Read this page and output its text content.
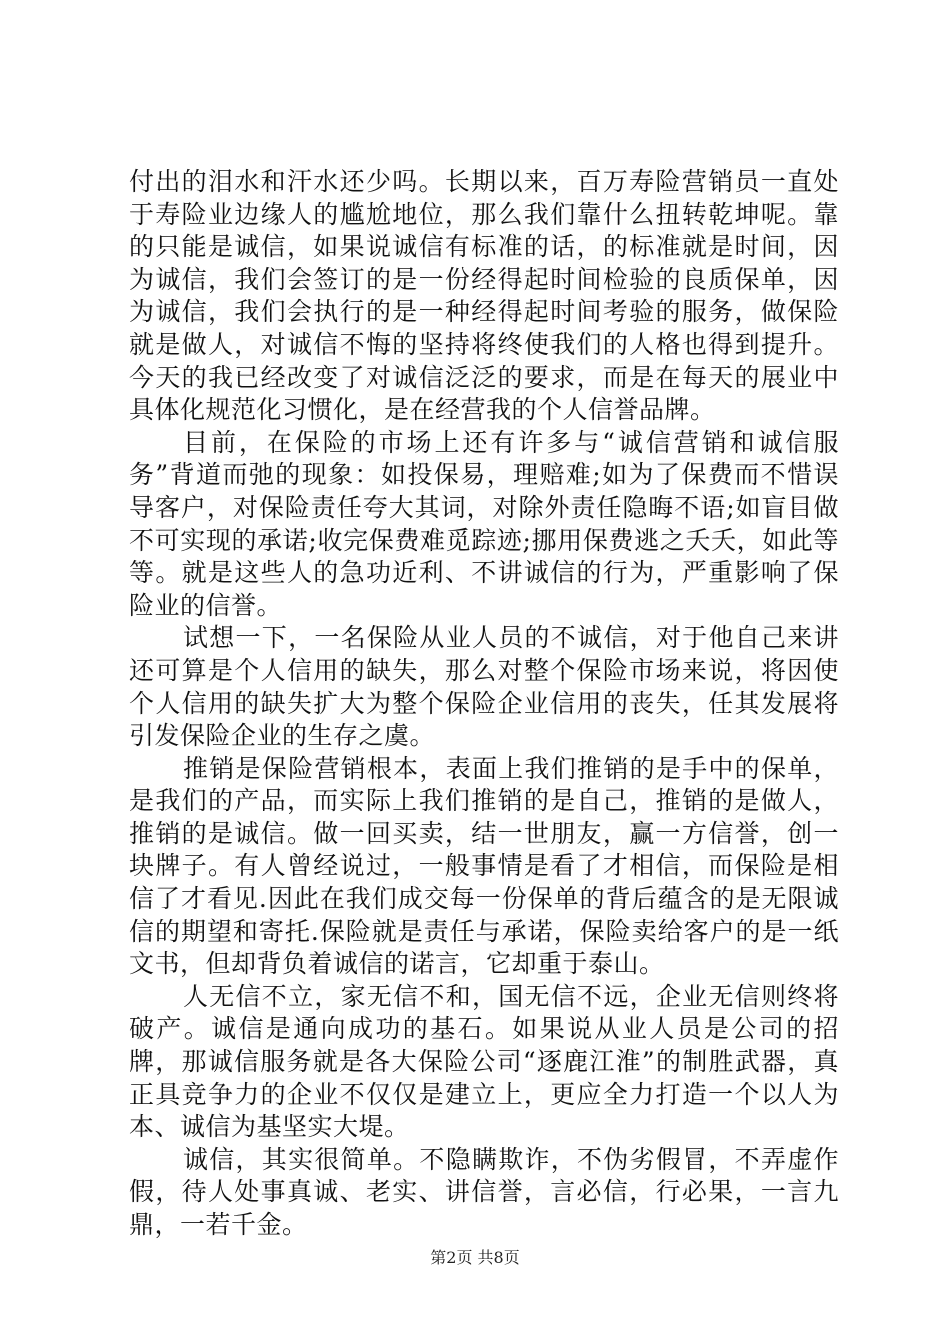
付出的泪水和汗水还少吗。长期以来，百万寿险营销员一直处于寿险业边缘人的尴尬地位，那么我们靠什么扭转乾坤呢。靠的只能是诚信，如果说诚信有标准的话，的标准就是时间，因为诚信，我们会签订的是一份经得起时间检验的良质保单，因为诚信，我们会执行的是一种经得起时间考验的服务，做保险就是做人，对诚信不悔的坚持将终使我们的人格也得到提升。今天的我已经改变了对诚信泛泛的要求，而是在每天的展业中具体化规范化习惯化，是在经营我的个人信誉品牌。

目前，在保险的市场上还有许多与“诚信营销和诚信服务”背道而弛的现象：如投保易，理赔难;如为了保费而不惜误导客户，对保险责任夸大其词，对除外责任隐晦不语;如盲目做不可实现的承诺;收完保费难觅踪迹;挪用保费逃之夭夭，如此等等。就是这些人的急功近利、不讲诚信的行为，严重影响了保险业的信誉。

试想一下，一名保险从业人员的不诚信，对于他自己来讲还可算是个人信用的缺失，那么对整个保险市场来说，将因使个人信用的缺失扩大为整个保险企业信用的丧失，任其发展将引发保险企业的生存之虞。

推销是保险营销根本，表面上我们推销的是手中的保单，是我们的产品，而实际上我们推销的是自己，推销的是做人，推销的是诚信。做一回买卖，结一世朋友，赢一方信誉，创一块牌子。有人曾经说过，一般事情是看了才相信，而保险是相信了才看见.因此在我们成交每一份保单的背后蕴含的是无限诚信的期望和寄托.保险就是责任与承诺，保险卖给客户的是一纸文书，但却背负着诚信的诺言，它却重于泰山。

人无信不立，家无信不和，国无信不远，企业无信则终将破产。诚信是通向成功的基石。如果说从业人员是公司的招牌，那诚信服务就是各大保险公司“逐鹿江淮”的制胜武器，真正具竞争力的企业不仅仅是建立上，更应全力打造一个以人为本、诚信为基坚实大堤。

诚信，其实很简单。不隐瞒欺诈，不伪劣假冒，不弄虚作假，待人处事真诚、老实、讲信誉，言必信，行必果，一言九鼎，一若千金。

第2页 共8页
